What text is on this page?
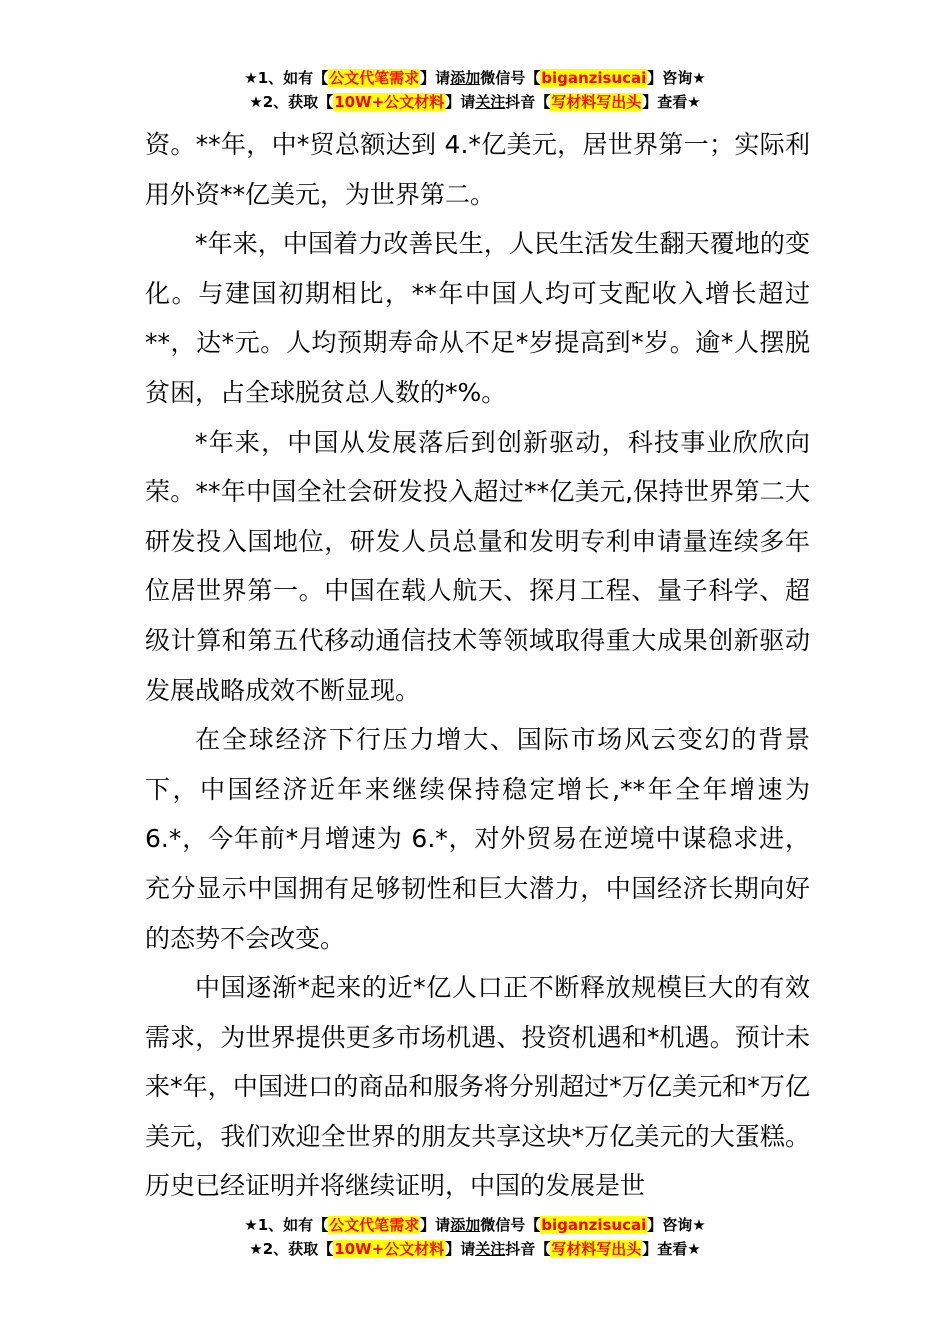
★1、如有【公文代笔需求】请添加微信号【biganzisucai】咨询★
★2、获取【10W+公文材料】请关注抖音【写材料写出头】查看★

资。**年，中*贸总额达到 4.*亿美元，居世界第一；实际利用外资**亿美元，为世界第二。

*年来，中国着力改善民生，人民生活发生翻天覆地的变化。与建国初期相比，**年中国人均可支配收入增长超过**，达*元。人均预期寿命从不足*岁提高到*岁。逾*人摆脱贫困，占全球脱贫总人数的*%。

*年来，中国从发展落后到创新驱动，科技事业欣欣向荣。**年中国全社会研发投入超过**亿美元,保持世界第二大研发投入国地位，研发人员总量和发明专利申请量连续多年位居世界第一。中国在载人航天、探月工程、量子科学、超级计算和第五代移动通信技术等领域取得重大成果创新驱动发展战略成效不断显现。

在全球经济下行压力增大、国际市场风云变幻的背景下，中国经济近年来继续保持稳定增长,**年全年增速为 6.*，今年前*月增速为 6.*，对外贸易在逆境中谋稳求进，充分显示中国拥有足够韧性和巨大潜力，中国经济长期向好的态势不会改变。

中国逐渐*起来的近*亿人口正不断释放规模巨大的有效需求，为世界提供更多市场机遇、投资机遇和*机遇。预计未来*年，中国进口的商品和服务将分别超过*万亿美元和*万亿美元，我们欢迎全世界的朋友共享这块*万亿美元的大蛋糕。历史已经证明并将继续证明，中国的发展是世

★1、如有【公文代笔需求】请添加微信号【biganzisucai】咨询★
★2、获取【10W+公文材料】请关注抖音【写材料写出头】查看★
